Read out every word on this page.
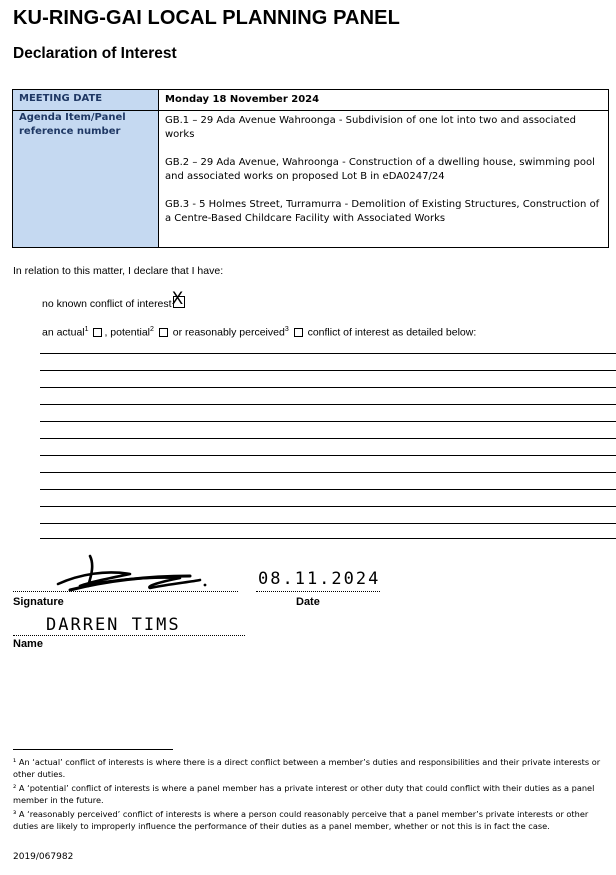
KU-RING-GAI LOCAL PLANNING PANEL
Declaration of Interest
MEETING DATE	Monday 18 November 2024
Agenda Item/Panel reference number	GB.1 – 29 Ada Avenue Wahroonga - Subdivision of one lot into two and associated works

GB.2 – 29 Ada Avenue, Wahroonga - Construction of a dwelling house, swimming pool and associated works on proposed Lot B in eDA0247/24

GB.3 - 5 Holmes Street, Turramurra - Demolition of Existing Structures, Construction of a Centre-Based Childcare Facility with Associated Works

In relation to this matter, I declare that I have:
no known conflict of interest X
an actual$^1$ , potential$^2$ or reasonably perceived$^3$ conflict of interest as detailed below:
Signature
08.11.2024
Date
DARREN TIMS
Name

¹ An ‘actual’ conflict of interests is where there is a direct conflict between a member’s duties and responsibilities and their private interests or other duties.

² A ‘potential’ conflict of interests is where a panel member has a private interest or other duty that could conflict with their duties as a panel member in the future.

³ A ‘reasonably perceived’ conflict of interests is where a person could reasonably perceive that a panel member’s private interests or other duties are likely to improperly influence the performance of their duties as a panel member, whether or not this is in fact the case.

2019/067982
